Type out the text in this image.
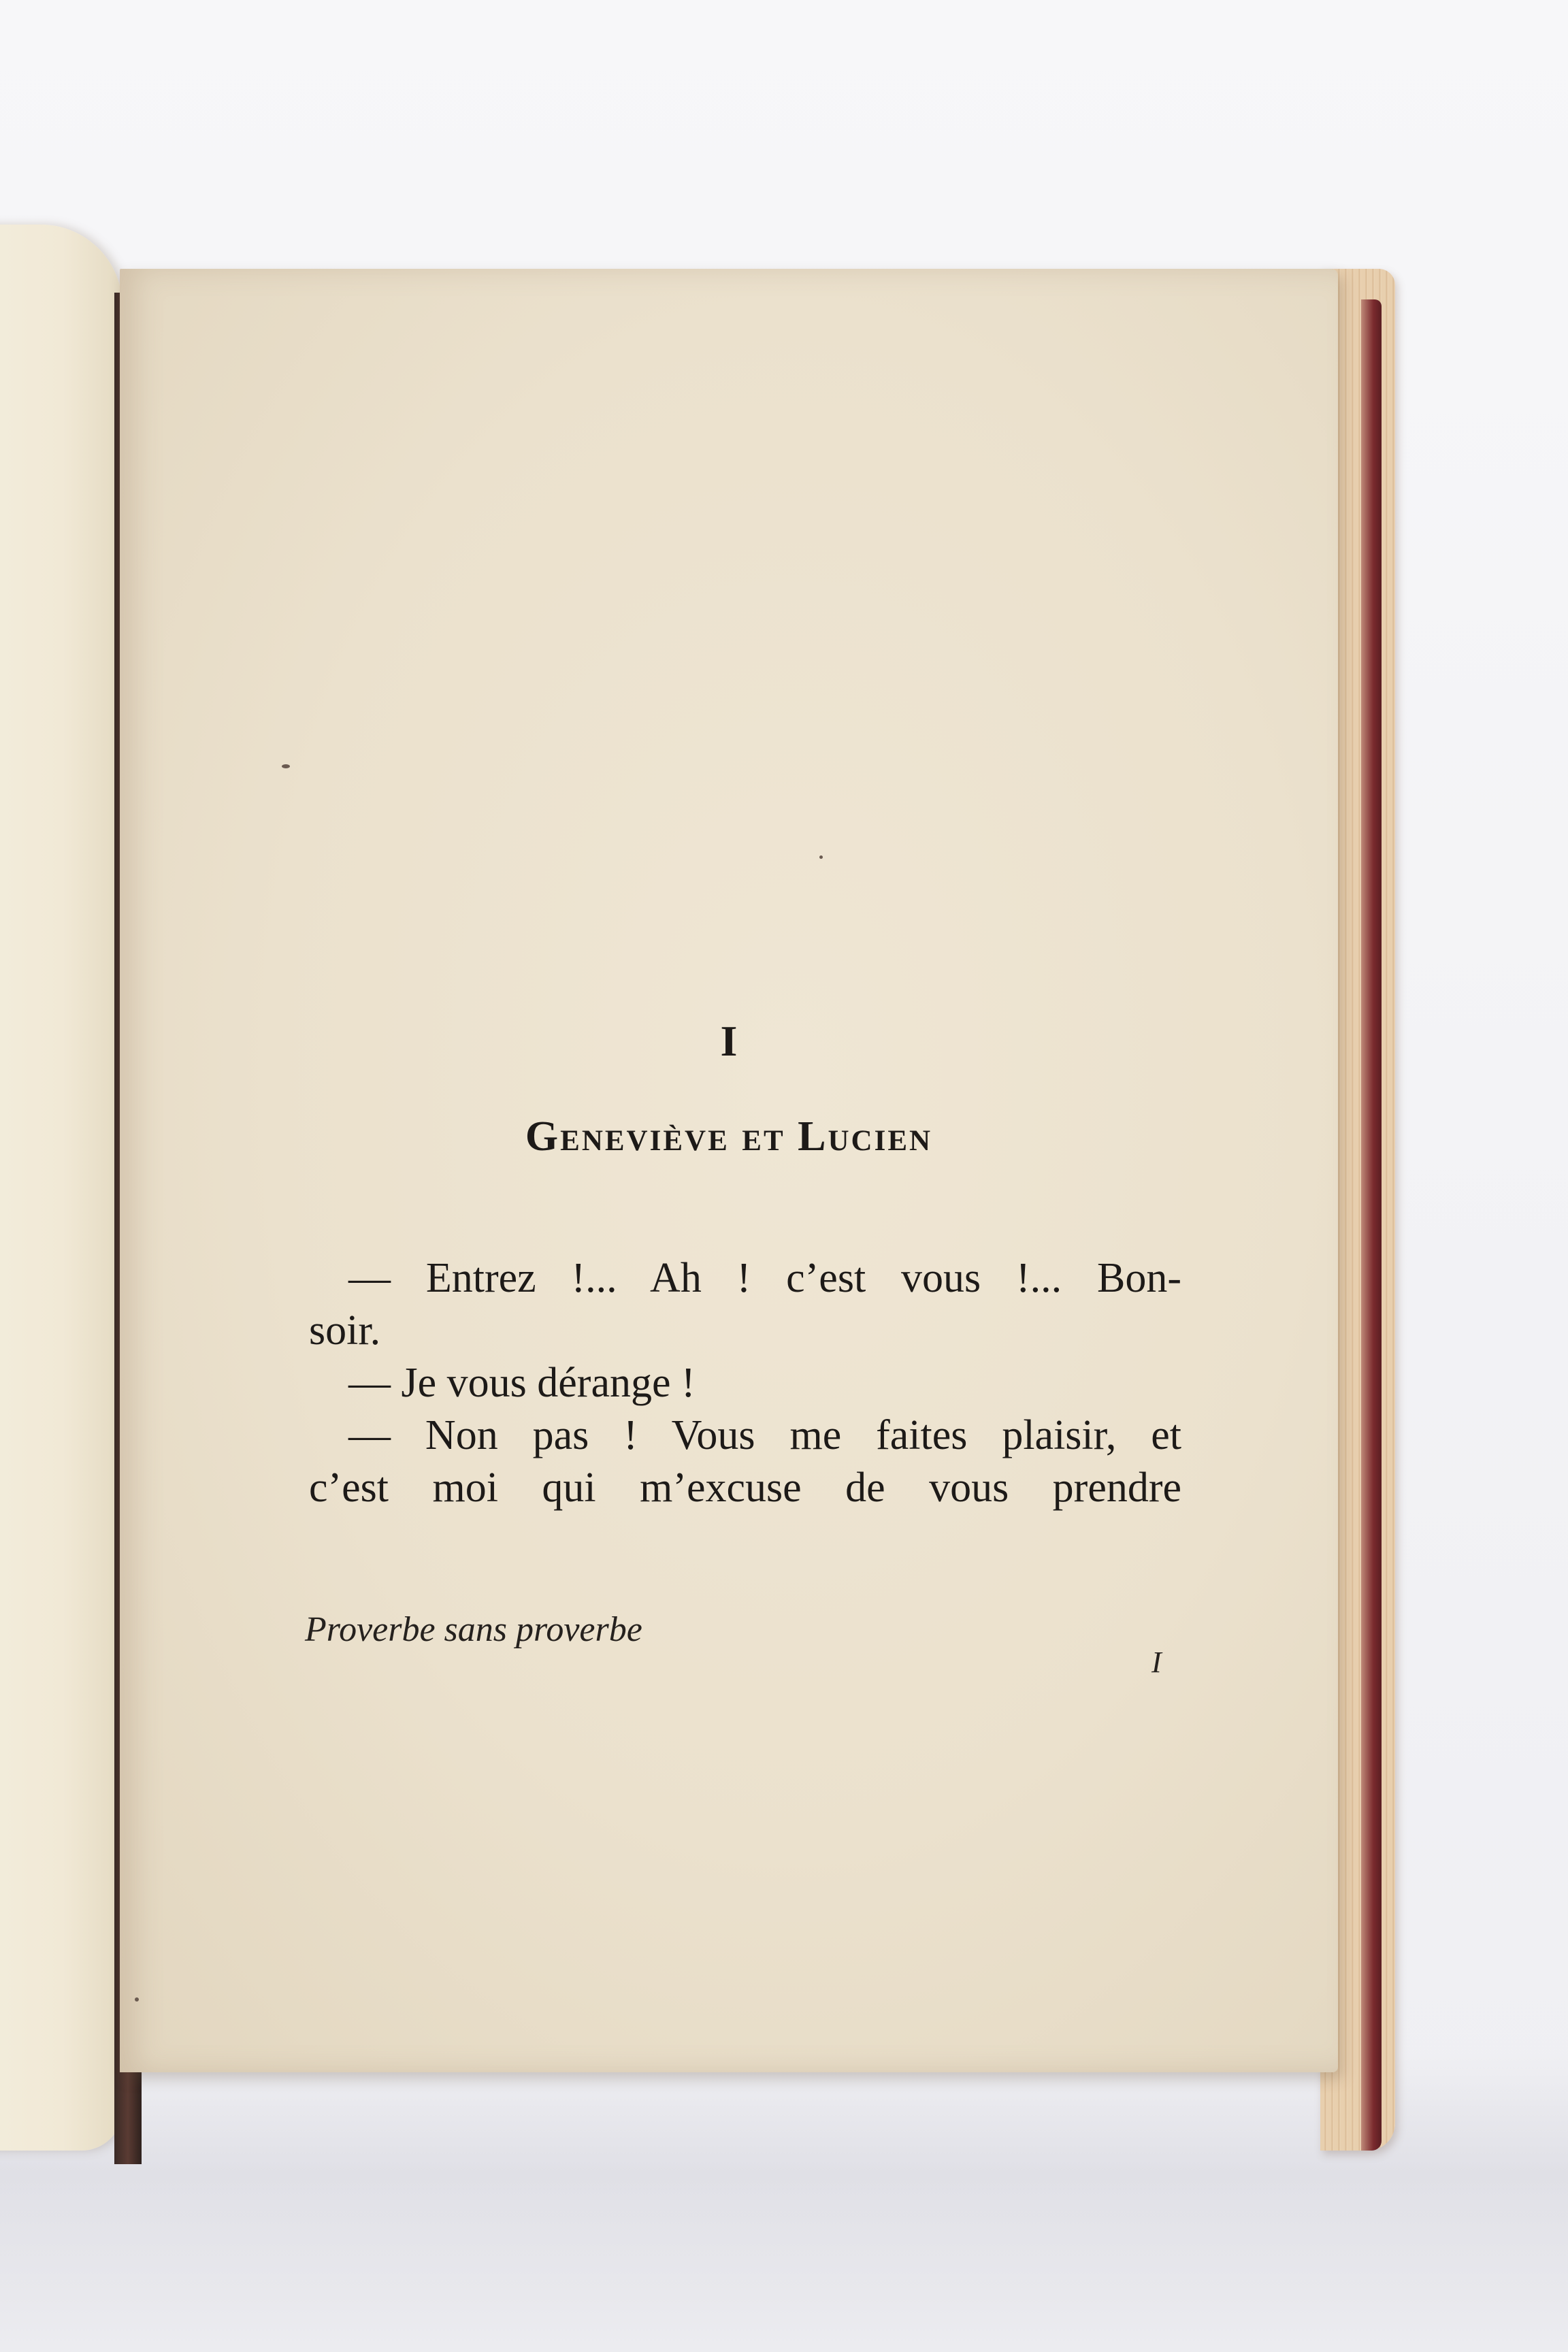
I
Geneviève et Lucien
— Entrez !... Ah ! c’est vous !... Bon-
soir.
— Je vous dérange !
— Non pas ! Vous me faites plaisir, et
c’est moi qui m’excuse de vous prendre

Proverbe sans proverbe

I
